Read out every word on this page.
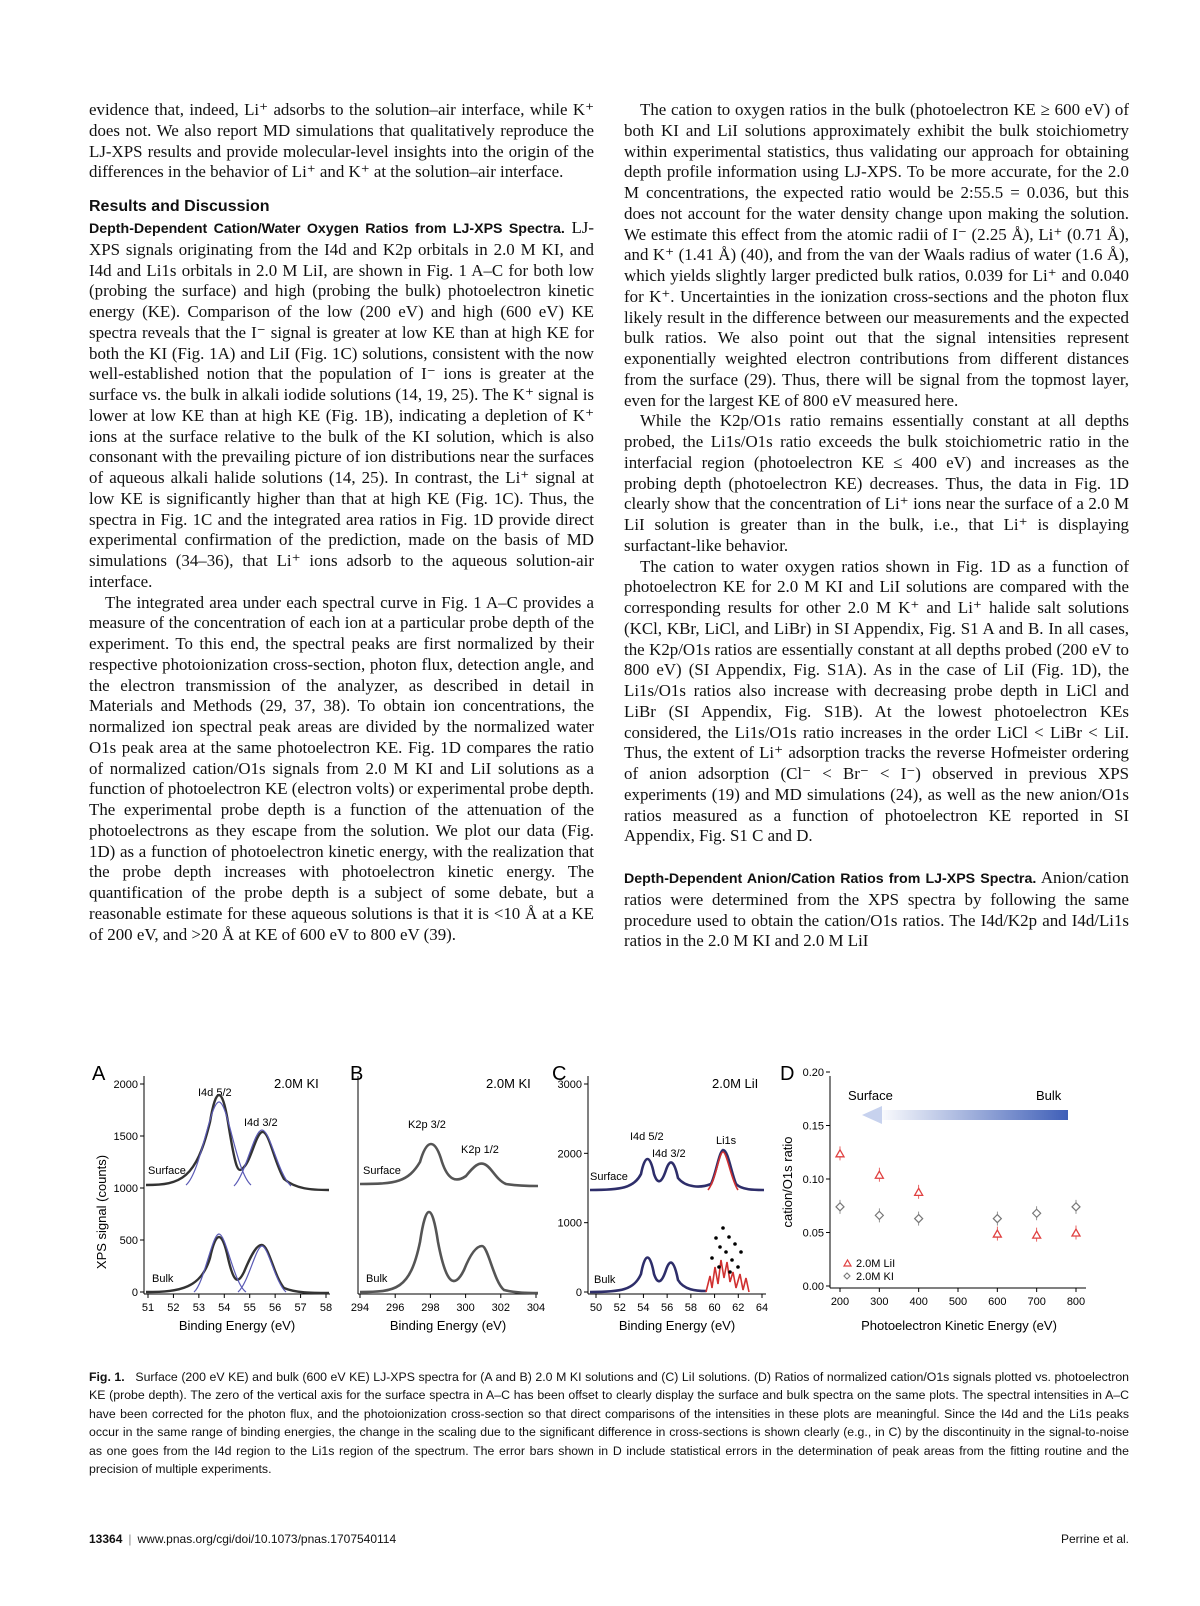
evidence that, indeed, Li⁺ adsorbs to the solution–air interface, while K⁺ does not. We also report MD simulations that qualitatively reproduce the LJ-XPS results and provide molecular-level insights into the origin of the differences in the behavior of Li⁺ and K⁺ at the solution–air interface.

Results and Discussion

Depth-Dependent Cation/Water Oxygen Ratios from LJ-XPS Spectra. LJ-XPS signals originating from the I4d and K2p orbitals in 2.0 M KI, and I4d and Li1s orbitals in 2.0 M LiI, are shown in Fig. 1 A–C for both low (probing the surface) and high (probing the bulk) photoelectron kinetic energy (KE). Comparison of the low (200 eV) and high (600 eV) KE spectra reveals that the I⁻ signal is greater at low KE than at high KE for both the KI (Fig. 1A) and LiI (Fig. 1C) solutions, consistent with the now well-established notion that the population of I⁻ ions is greater at the surface vs. the bulk in alkali iodide solutions (14, 19, 25). The K⁺ signal is lower at low KE than at high KE (Fig. 1B), indicating a depletion of K⁺ ions at the surface relative to the bulk of the KI solution, which is also consonant with the prevailing picture of ion distributions near the surfaces of aqueous alkali halide solutions (14, 25). In contrast, the Li⁺ signal at low KE is significantly higher than that at high KE (Fig. 1C). Thus, the spectra in Fig. 1C and the integrated area ratios in Fig. 1D provide direct experimental confirmation of the prediction, made on the basis of MD simulations (34–36), that Li⁺ ions adsorb to the aqueous solution-air interface.

The integrated area under each spectral curve in Fig. 1 A–C provides a measure of the concentration of each ion at a particular probe depth of the experiment. To this end, the spectral peaks are first normalized by their respective photoionization cross-section, photon flux, detection angle, and the electron transmission of the analyzer, as described in detail in Materials and Methods (29, 37, 38). To obtain ion concentrations, the normalized ion spectral peak areas are divided by the normalized water O1s peak area at the same photoelectron KE. Fig. 1D compares the ratio of normalized cation/O1s signals from 2.0 M KI and LiI solutions as a function of photoelectron KE (electron volts) or experimental probe depth. The experimental probe depth is a function of the attenuation of the photoelectrons as they escape from the solution. We plot our data (Fig. 1D) as a function of photoelectron kinetic energy, with the realization that the probe depth increases with photoelectron kinetic energy. The quantification of the probe depth is a subject of some debate, but a reasonable estimate for these aqueous solutions is that it is <10 Å at a KE of 200 eV, and >20 Å at KE of 600 eV to 800 eV (39).

The cation to oxygen ratios in the bulk (photoelectron KE ≥ 600 eV) of both KI and LiI solutions approximately exhibit the bulk stoichiometry within experimental statistics, thus validating our approach for obtaining depth profile information using LJ-XPS. To be more accurate, for the 2.0 M concentrations, the expected ratio would be 2:55.5 = 0.036, but this does not account for the water density change upon making the solution. We estimate this effect from the atomic radii of I⁻ (2.25 Å), Li⁺ (0.71 Å), and K⁺ (1.41 Å) (40), and from the van der Waals radius of water (1.6 Å), which yields slightly larger predicted bulk ratios, 0.039 for Li⁺ and 0.040 for K⁺. Uncertainties in the ionization cross-sections and the photon flux likely result in the difference between our measurements and the expected bulk ratios. We also point out that the signal intensities represent exponentially weighted electron contributions from different distances from the surface (29). Thus, there will be signal from the topmost layer, even for the largest KE of 800 eV measured here.

While the K2p/O1s ratio remains essentially constant at all depths probed, the Li1s/O1s ratio exceeds the bulk stoichiometric ratio in the interfacial region (photoelectron KE ≤ 400 eV) and increases as the probing depth (photoelectron KE) decreases. Thus, the data in Fig. 1D clearly show that the concentration of Li⁺ ions near the surface of a 2.0 M LiI solution is greater than in the bulk, i.e., that Li⁺ is displaying surfactant-like behavior.

The cation to water oxygen ratios shown in Fig. 1D as a function of photoelectron KE for 2.0 M KI and LiI solutions are compared with the corresponding results for other 2.0 M K⁺ and Li⁺ halide salt solutions (KCl, KBr, LiCl, and LiBr) in SI Appendix, Fig. S1 A and B. In all cases, the K2p/O1s ratios are essentially constant at all depths probed (200 eV to 800 eV) (SI Appendix, Fig. S1A). As in the case of LiI (Fig. 1D), the Li1s/O1s ratios also increase with decreasing probe depth in LiCl and LiBr (SI Appendix, Fig. S1B). At the lowest photoelectron KEs considered, the Li1s/O1s ratio increases in the order LiCl < LiBr < LiI. Thus, the extent of Li⁺ adsorption tracks the reverse Hofmeister ordering of anion adsorption (Cl⁻ < Br⁻ < I⁻) observed in previous XPS experiments (19) and MD simulations (24), as well as the new anion/O1s ratios measured as a function of photoelectron KE reported in SI Appendix, Fig. S1 C and D.

Depth-Dependent Anion/Cation Ratios from LJ-XPS Spectra. Anion/cation ratios were determined from the XPS spectra by following the same procedure used to obtain the cation/O1s ratios. The I4d/K2p and I4d/Li1s ratios in the 2.0 M KI and 2.0 M LiI

A	2.0M KI
XPS signal (counts)
0
500
1000
1500
2000
51 52 53 54 55 56 57 58
Binding Energy (eV)
Surface
Bulk
I4d 5/2
I4d 3/2
B	2.0M KI
294 296 298 300 302 304
Binding Energy (eV)
Surface
Bulk
K2p 3/2
K2p 1/2
C	2.0M LiI
0
1000
2000
3000
50 52 54 56 58 60 62 64
Binding Energy (eV)
Surface
Bulk
I4d 5/2
I4d 3/2
Li1s
D
cation/O1s ratio
0.00
0.05
0.10
0.15
0.20
200 300 400 500 600 700 800
Photoelectron Kinetic Energy (eV)
Surface	Bulk
2.0M LiI
2.0M KI
Fig. 1. Surface (200 eV KE) and bulk (600 eV KE) LJ-XPS spectra for (A and B) 2.0 M KI solutions and (C) LiI solutions. (D) Ratios of normalized cation/O1s signals plotted vs. photoelectron KE (probe depth). The zero of the vertical axis for the surface spectra in A–C has been offset to clearly display the surface and bulk spectra on the same plots. The spectral intensities in A–C have been corrected for the photon flux, and the photoionization cross-section so that direct comparisons of the intensities in these plots are meaningful. Since the I4d and the Li1s peaks occur in the same range of binding energies, the change in the scaling due to the significant difference in cross-sections is shown clearly (e.g., in C) by the discontinuity in the signal-to-noise as one goes from the I4d region to the Li1s region of the spectrum. The error bars shown in D include statistical errors in the determination of peak areas from the fitting routine and the precision of multiple experiments.
13364 | www.pnas.org/cgi/doi/10.1073/pnas.1707540114	Perrine et al.
